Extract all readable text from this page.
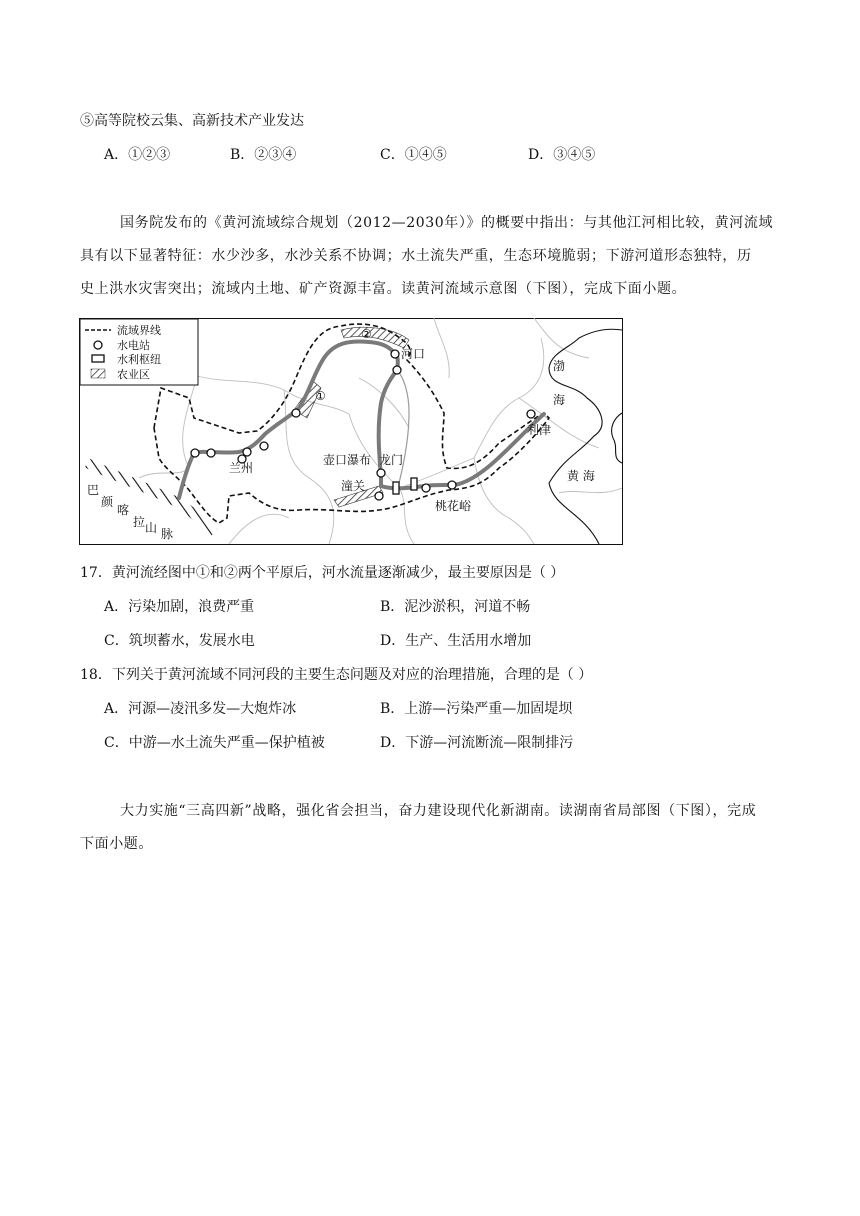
⑤高等院校云集、高新技术产业发达
A．①②③	B．②③④	C．①④⑤	D．③④⑤
国务院发布的《黄河流域综合规划（2012—2030年）》的概要中指出：与其他江河相比较，黄河流域
具有以下显著特征：水少沙多，水沙关系不协调；水土流失严重，生态环境脆弱；下游河道形态独特，历
史上洪水灾害突出；流域内土地、矿产资源丰富。读黄河流域示意图（下图），完成下面小题。
流域界线
水电站
水利枢纽
农业区
渤
海
黄 海
河口
利津
兰州
壶口瀑布 龙门
潼关
桃花峪
①
②
巴
颜
喀
拉 山 脉
17．黄河流经图中①和②两个平原后，河水流量逐渐减少，最主要原因是（ ）
A．污染加剧，浪费严重	B．泥沙淤积，河道不畅
C．筑坝蓄水，发展水电	D．生产、生活用水增加
18．下列关于黄河流域不同河段的主要生态问题及对应的治理措施，合理的是（ ）
A．河源—凌汛多发—大炮炸冰	B．上游—污染严重—加固堤坝
C．中游—水土流失严重—保护植被	D．下游—河流断流—限制排污
大力实施“三高四新”战略，强化省会担当，奋力建设现代化新湖南。读湖南省局部图（下图），完成
下面小题。
